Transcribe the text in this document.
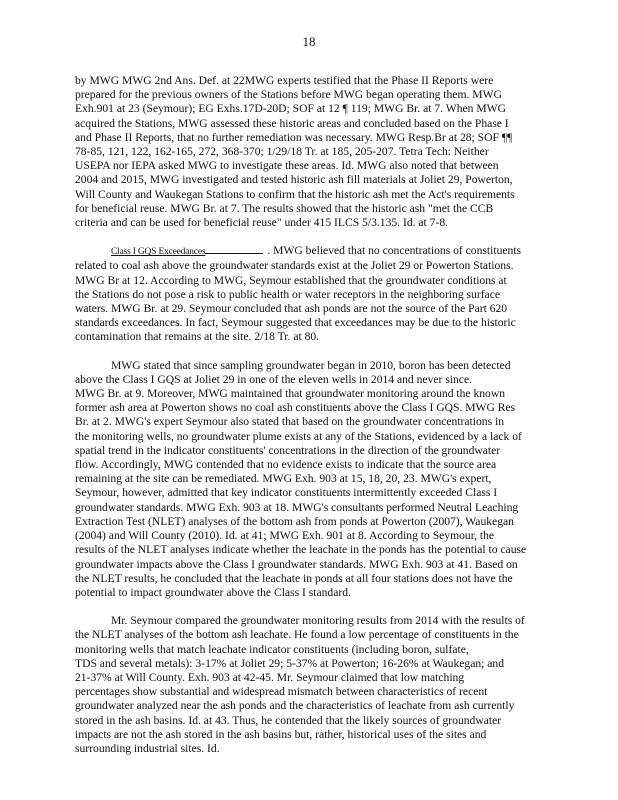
18
by MWG MWG 2nd Ans. Def. at 22MWG experts testified that the Phase II Reports were
prepared for the previous owners of the Stations before MWG began operating them. MWG
Exh.901 at 23 (Seymour); EG Exhs.17D-20D; SOF at 12 ¶ 119; MWG Br. at 7. When MWG
acquired the Stations, MWG assessed these historic areas and concluded based on the Phase I
and Phase II Reports, that no further remediation was necessary. MWG Resp.Br at 28; SOF ¶¶
78-85, 121, 122, 162-165, 272, 368-370; 1/29/18 Tr. at 185, 205-207. Tetra Tech: Neither
USEPA nor IEPA asked MWG to investigate these areas. Id. MWG also noted that between
2004 and 2015, MWG investigated and tested historic ash fill materials at Joliet 29, Powerton,
Will County and Waukegan Stations to confirm that the historic ash met the Act's requirements
for beneficial reuse. MWG Br. at 7. The results showed that the historic ash "met the CCB
criteria and can be used for beneficial reuse" under 415 ILCS 5/3.135. Id. at 7-8.
Class I GQS Exceedances	. MWG believed that no concentrations of constituents
related to coal ash above the groundwater standards exist at the Joliet 29 or Powerton Stations.
MWG Br at 12. According to MWG, Seymour established that the groundwater conditions at
the Stations do not pose a risk to public health or water receptors in the neighboring surface
waters. MWG Br. at 29. Seymour concluded that ash ponds are not the source of the Part 620
standards exceedances. In fact, Seymour suggested that exceedances may be due to the historic
contamination that remains at the site. 2/18 Tr. at 80.
MWG stated that since sampling groundwater began in 2010, boron has been detected
above the Class I GQS at Joliet 29 in one of the eleven wells in 2014 and never since.
MWG Br. at 9. Moreover, MWG maintained that groundwater monitoring around the known
former ash area at Powerton shows no coal ash constituents above the Class I GQS. MWG Res
Br. at 2. MWG's expert Seymour also stated that based on the groundwater concentrations in
the monitoring wells, no groundwater plume exists at any of the Stations, evidenced by a lack of
spatial trend in the indicator constituents' concentrations in the direction of the groundwater
flow. Accordingly, MWG contended that no evidence exists to indicate that the source area
remaining at the site can be remediated. MWG Exh. 903 at 15, 18, 20, 23. MWG's expert,
Seymour, however, admitted that key indicator constituents intermittently exceeded Class I
groundwater standards. MWG Exh. 903 at 18. MWG's consultants performed Neutral Leaching
Extraction Test (NLET) analyses of the bottom ash from ponds at Powerton (2007), Waukegan
(2004) and Will County (2010). Id. at 41; MWG Exh. 901 at 8. According to Seymour, the
results of the NLET analyses indicate whether the leachate in the ponds has the potential to cause
groundwater impacts above the Class I groundwater standards. MWG Exh. 903 at 41. Based on
the NLET results, he concluded that the leachate in ponds at all four stations does not have the
potential to impact groundwater above the Class I standard.
Mr. Seymour compared the groundwater monitoring results from 2014 with the results of
the NLET analyses of the bottom ash leachate. He found a low percentage of constituents in the
monitoring wells that match leachate indicator constituents (including boron, sulfate,
TDS and several metals): 3-17% at Joliet 29; 5-37% at Powerton; 16-26% at Waukegan; and
21-37% at Will County. Exh. 903 at 42-45. Mr. Seymour claimed that low matching
percentages show substantial and widespread mismatch between characteristics of recent
groundwater analyzed near the ash ponds and the characteristics of leachate from ash currently
stored in the ash basins. Id. at 43. Thus, he contended that the likely sources of groundwater
impacts are not the ash stored in the ash basins but, rather, historical uses of the sites and
surrounding industrial sites. Id.
